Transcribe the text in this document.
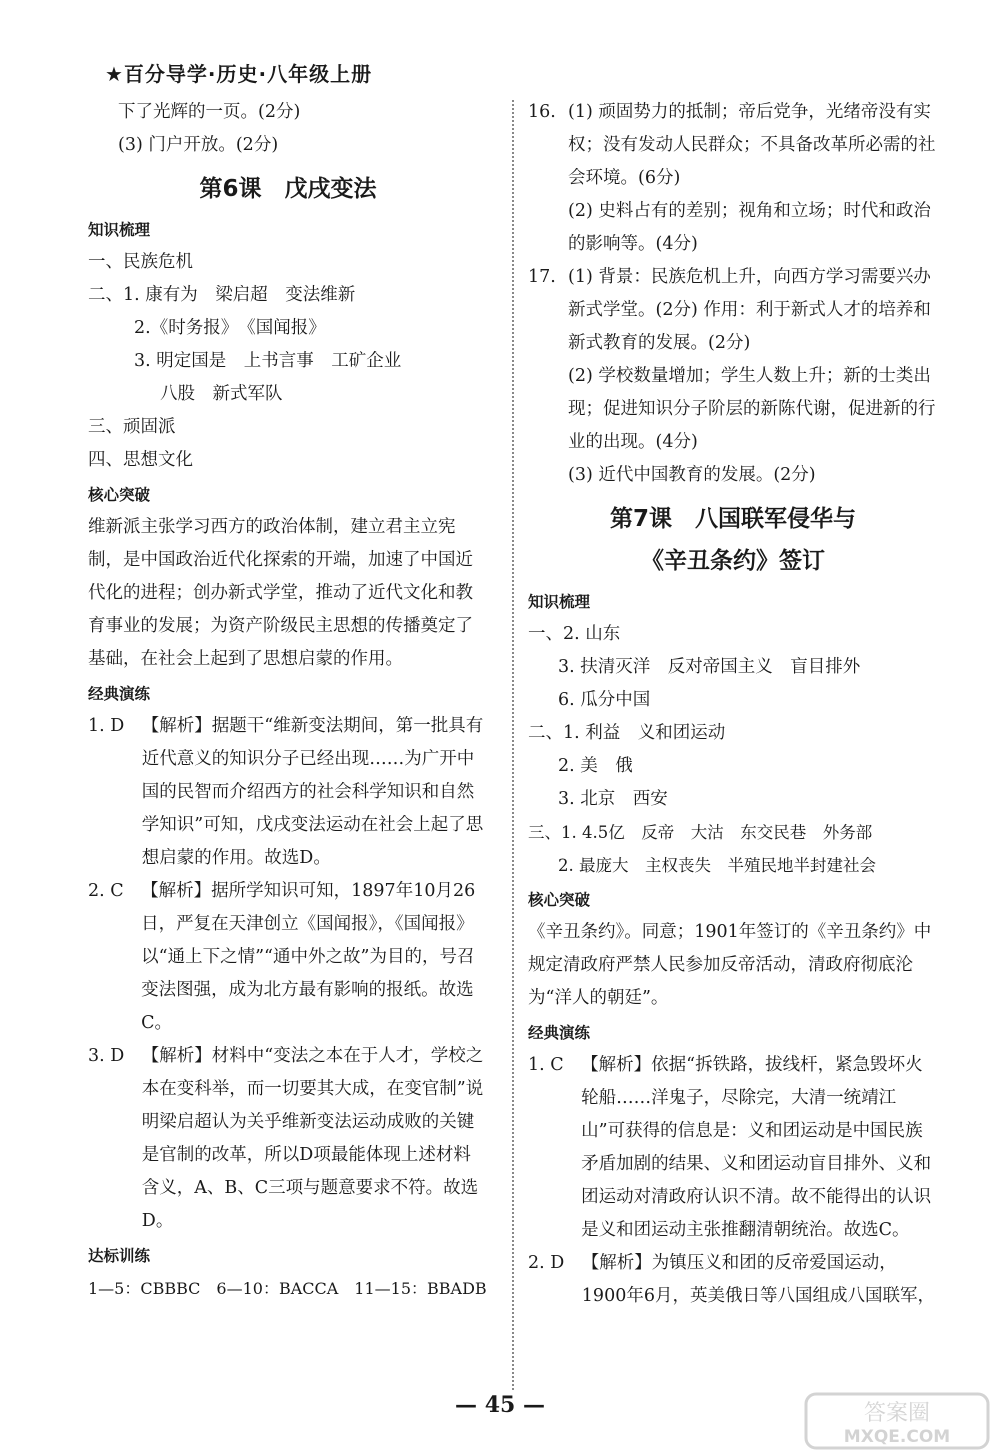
★百分导学·历史·八年级上册
下了光辉的一页。(2分)
(3) 门户开放。(2分)
第6课　戊戌变法
知识梳理
一、民族危机
二、1. 康有为　梁启超　变法维新
2.《时务报》　《国闻报》
3. 明定国是　上书言事　工矿企业
八股　新式军队
三、顽固派
四、思想文化
核心突破
维新派主张学习西方的政治体制，建立君主立宪制，是中国政治近代化探索的开端，加速了中国近代化的进程；创办新式学堂，推动了近代文化和教育事业的发展；为资产阶级民主思想的传播奠定了基础，在社会上起到了思想启蒙的作用。
经典演练
1. D　 【解析】据题干“维新变法期间，第一批具有近代意义的知识分子已经出现……为广开中国的民智而介绍西方的社会科学知识和自然学知识”可知，戊戌变法运动在社会上起了思想启蒙的作用。故选D。
2. C　 【解析】据所学知识可知，1897年10月26日，严复在天津创立《国闻报》，《国闻报》以“通上下之情”“通中外之故”为目的，号召变法图强，成为北方最有影响的报纸。故选C。
3. D　 【解析】材料中“变法之本在于人才，学校之本在变科举，而一切要其大成，在变官制”说明梁启超认为关乎维新变法运动成败的关键是官制的改革，所以D项最能体现上述材料含义，A、B、C三项与题意要求不符。故选D。
达标训练
1—5：CBBBC　6—10：BACCA　11—15：BBADB
16. (1) 顽固势力的抵制；帝后党争，光绪帝没有实权；没有发动人民群众；不具备改革所必需的社会环境。(6分)
(2) 史料占有的差别；视角和立场；时代和政治的影响等。(4分)
17. (1) 背景：民族危机上升，向西方学习需要兴办新式学堂。(2分) 作用：利于新式人才的培养和新式教育的发展。(2分)
(2) 学校数量增加；学生人数上升；新的士类出现；促进知识分子阶层的新陈代谢，促进新的行业的出现。(4分)
(3) 近代中国教育的发展。(2分)
第7课　八国联军侵华与
《辛丑条约》签订
知识梳理
一、2. 山东
3. 扶清灭洋　反对帝国主义　盲目排外
6. 瓜分中国
二、1. 利益　义和团运动
2. 美　俄
3. 北京　西安
三、1. 4.5亿　反帝　大沽　东交民巷　外务部
2. 最庞大　主权丧失　半殖民地半封建社会
核心突破
《辛丑条约》。同意；1901年签订的《辛丑条约》中规定清政府严禁人民参加反帝活动，清政府彻底沦为“洋人的朝廷”。
经典演练
1. C　 【解析】依据“拆铁路，拔线杆，紧急毁坏火轮船……洋鬼子，尽除完，大清一统靖江山”可获得的信息是：义和团运动是中国民族矛盾加剧的结果、义和团运动盲目排外、义和团运动对清政府认识不清。故不能得出的认识是义和团运动主张推翻清朝统治。故选C。
2. D　 【解析】为镇压义和团的反帝爱国运动，1900年6月，英美俄日等八国组成八国联军，
— 45 —	答案圈
MXQE.COM
